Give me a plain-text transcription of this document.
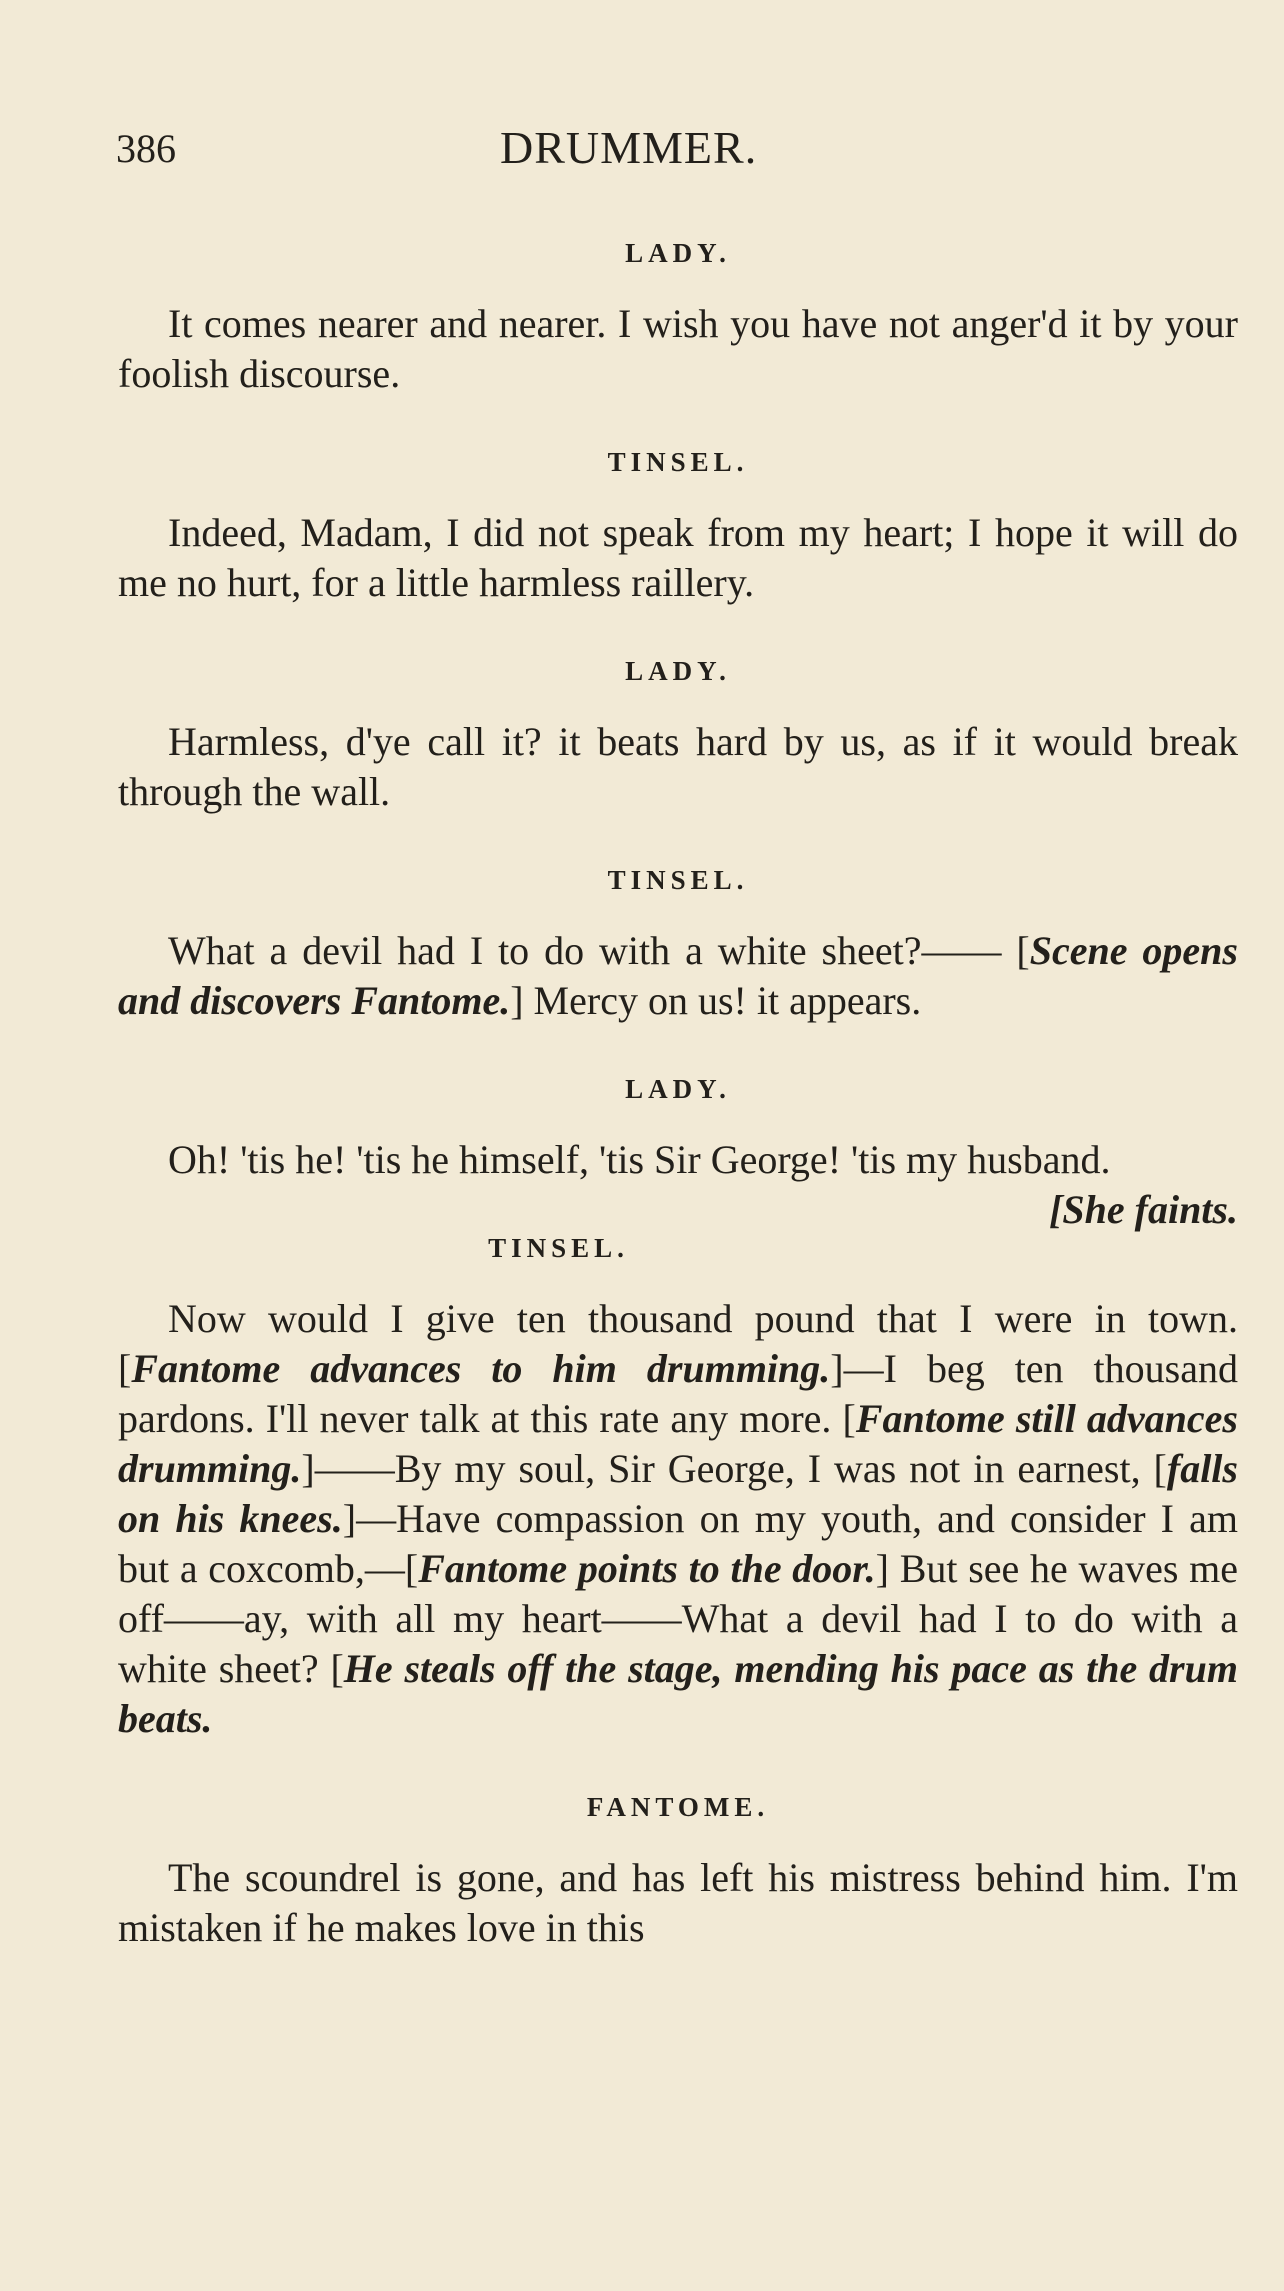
386	DRUMMER.
LADY.
It comes nearer and nearer. I wish you have not anger'd it by your foolish discourse.
TINSEL.
Indeed, Madam, I did not speak from my heart; I hope it will do me no hurt, for a little harmless raillery.
LADY.
Harmless, d'ye call it? it beats hard by us, as if it would break through the wall.
TINSEL.
What a devil had I to do with a white sheet?—— [Scene opens and discovers Fantome.] Mercy on us! it appears.
LADY.
Oh! 'tis he! 'tis he himself, 'tis Sir George! 'tis my husband.
[She faints.
TINSEL.
Now would I give ten thousand pound that I were in town. [Fantome advances to him drumming.]—I beg ten thousand pardons. I'll never talk at this rate any more. [Fantome still advances drumming.]——By my soul, Sir George, I was not in earnest, [falls on his knees.]—Have compassion on my youth, and consider I am but a coxcomb,—[Fantome points to the door.] But see he waves me off——ay, with all my heart——What a devil had I to do with a white sheet? [He steals off the stage, mending his pace as the drum beats.
FANTOME.
The scoundrel is gone, and has left his mistress behind him. I'm mistaken if he makes love in this
